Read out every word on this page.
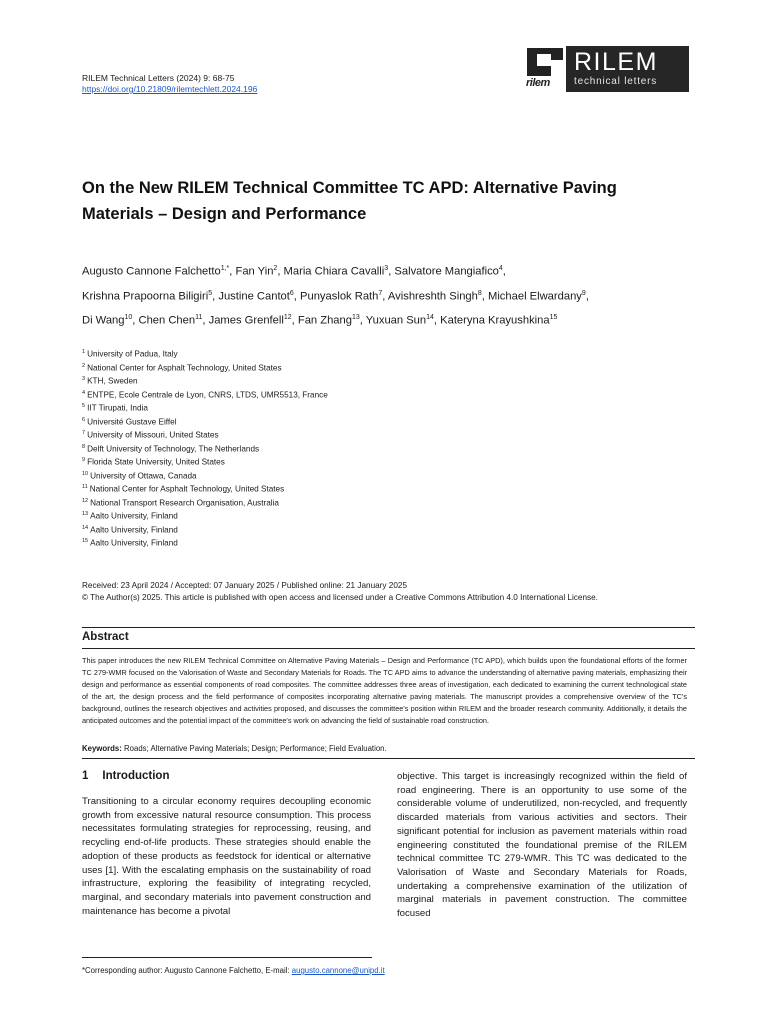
RILEM Technical Letters (2024) 9: 68-75
https://doi.org/10.21809/rilemtechlett.2024.196	rilem
RILEM
technical letters
On the New RILEM Technical Committee TC APD: Alternative Paving Materials – Design and Performance
Augusto Cannone Falchetto$^{1,*}$, Fan Yin$^2$, Maria Chiara Cavalli$^3$, Salvatore Mangiafico$^4$,
Krishna Prapoorna Biligiri$^5$, Justine Cantot$^6$, Punyaslok Rath$^7$, Avishreshth Singh$^8$, Michael Elwardany$^9$,
Di Wang$^{10}$, Chen Chen$^{11}$, James Grenfell$^{12}$, Fan Zhang$^{13}$, Yuxuan Sun$^{14}$, Kateryna Krayushkina$^{15}$
$^1$ University of Padua, Italy
$^2$ National Center for Asphalt Technology, United States
$^3$ KTH, Sweden
$^4$ ENTPE, Ecole Centrale de Lyon, CNRS, LTDS, UMR5513, France
$^5$ IIT Tirupati, India
$^6$ Université Gustave Eiffel
$^7$ University of Missouri, United States
$^8$ Delft University of Technology, The Netherlands
$^9$ Florida State University, United States
$^{10}$ University of Ottawa, Canada
$^{11}$ National Center for Asphalt Technology, United States
$^{12}$ National Transport Research Organisation, Australia
$^{13}$ Aalto University, Finland
$^{14}$ Aalto University, Finland
$^{15}$ Aalto University, Finland
Received: 23 April 2024 / Accepted: 07 January 2025 / Published online: 21 January 2025
© The Author(s) 2025. This article is published with open access and licensed under a Creative Commons Attribution 4.0 International License.
Abstract

This paper introduces the new RILEM Technical Committee on Alternative Paving Materials – Design and Performance (TC APD), which builds upon the foundational efforts of the former TC 279-WMR focused on the Valorisation of Waste and Secondary Materials for Roads. The TC APD aims to advance the understanding of alternative paving materials, emphasizing their design and performance as essential components of road composites. The committee addresses three areas of investigation, each dedicated to examining the current technological state of the art, the design process and the field performance of composites incorporating alternative paving materials. The manuscript provides a comprehensive overview of the TC's background, outlines the research objectives and activities proposed, and discusses the committee's position within RILEM and the broader research community. Additionally, it details the anticipated outcomes and the potential impact of the committee's work on advancing the field of sustainable road construction.

Keywords: Roads; Alternative Paving Materials; Design; Performance; Field Evaluation.
1 Introduction

Transitioning to a circular economy requires decoupling economic growth from excessive natural resource consumption. This process necessitates formulating strategies for reprocessing, reusing, and recycling end-of-life products. These strategies should enable the adoption of these products as feedstock for identical or alternative uses [1]. With the escalating emphasis on the sustainability of road infrastructure, exploring the feasibility of integrating recycled, marginal, and secondary materials into pavement construction and maintenance has become a pivotal

objective. This target is increasingly recognized within the field of road engineering. There is an opportunity to use some of the considerable volume of underutilized, non-recycled, and frequently discarded materials from various activities and sectors. Their significant potential for inclusion as pavement materials within road engineering constituted the foundational premise of the RILEM technical committee TC 279-WMR. This TC was dedicated to the Valorisation of Waste and Secondary Materials for Roads, undertaking a comprehensive examination of the utilization of marginal materials in pavement construction. The committee focused

*Corresponding author: Augusto Cannone Falchetto, E-mail: augusto.cannone@unipd.it
